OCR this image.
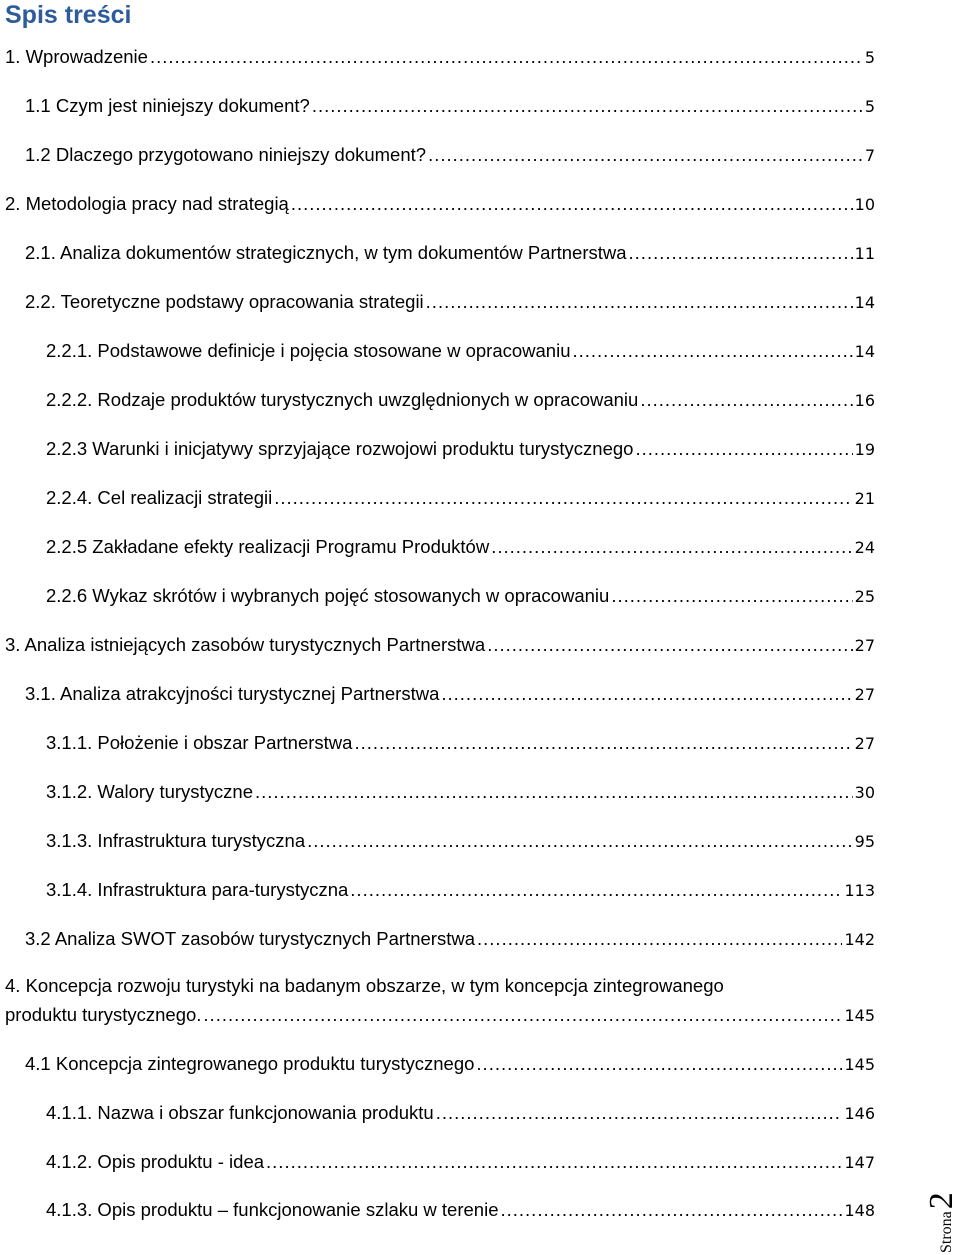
Spis treści
1. Wprowadzenie .....	5
1.1 Czym jest niniejszy dokument? .....	5
1.2 Dlaczego przygotowano niniejszy dokument? .....	7
2. Metodologia pracy nad strategią .....	10
2.1. Analiza dokumentów strategicznych, w tym dokumentów Partnerstwa .....	11
2.2. Teoretyczne podstawy opracowania strategii .....	14
2.2.1. Podstawowe definicje i pojęcia stosowane w opracowaniu .....	14
2.2.2. Rodzaje produktów turystycznych uwzględnionych w opracowaniu .....	16
2.2.3 Warunki i inicjatywy sprzyjające rozwojowi produktu turystycznego .....	19
2.2.4. Cel realizacji strategii .....	21
2.2.5 Zakładane efekty realizacji Programu Produktów .....	24
2.2.6 Wykaz skrótów i wybranych pojęć stosowanych w opracowaniu .....	25
3. Analiza istniejących zasobów turystycznych Partnerstwa .....	27
3.1. Analiza atrakcyjności turystycznej Partnerstwa .....	27
3.1.1. Położenie i obszar Partnerstwa .....	27
3.1.2. Walory turystyczne .....	30
3.1.3. Infrastruktura turystyczna .....	95
3.1.4. Infrastruktura para-turystyczna .....	113
3.2 Analiza SWOT zasobów turystycznych Partnerstwa .....	142
4. Koncepcja rozwoju turystyki na badanym obszarze, w tym koncepcja zintegrowanego
produktu turystycznego. .....	145
4.1 Koncepcja zintegrowanego produktu turystycznego .....	145
4.1.1. Nazwa i obszar funkcjonowania produktu .....	146
4.1.2. Opis produktu - idea .....	147
4.1.3. Opis produktu – funkcjonowanie szlaku w terenie .....	148
Strona
2
